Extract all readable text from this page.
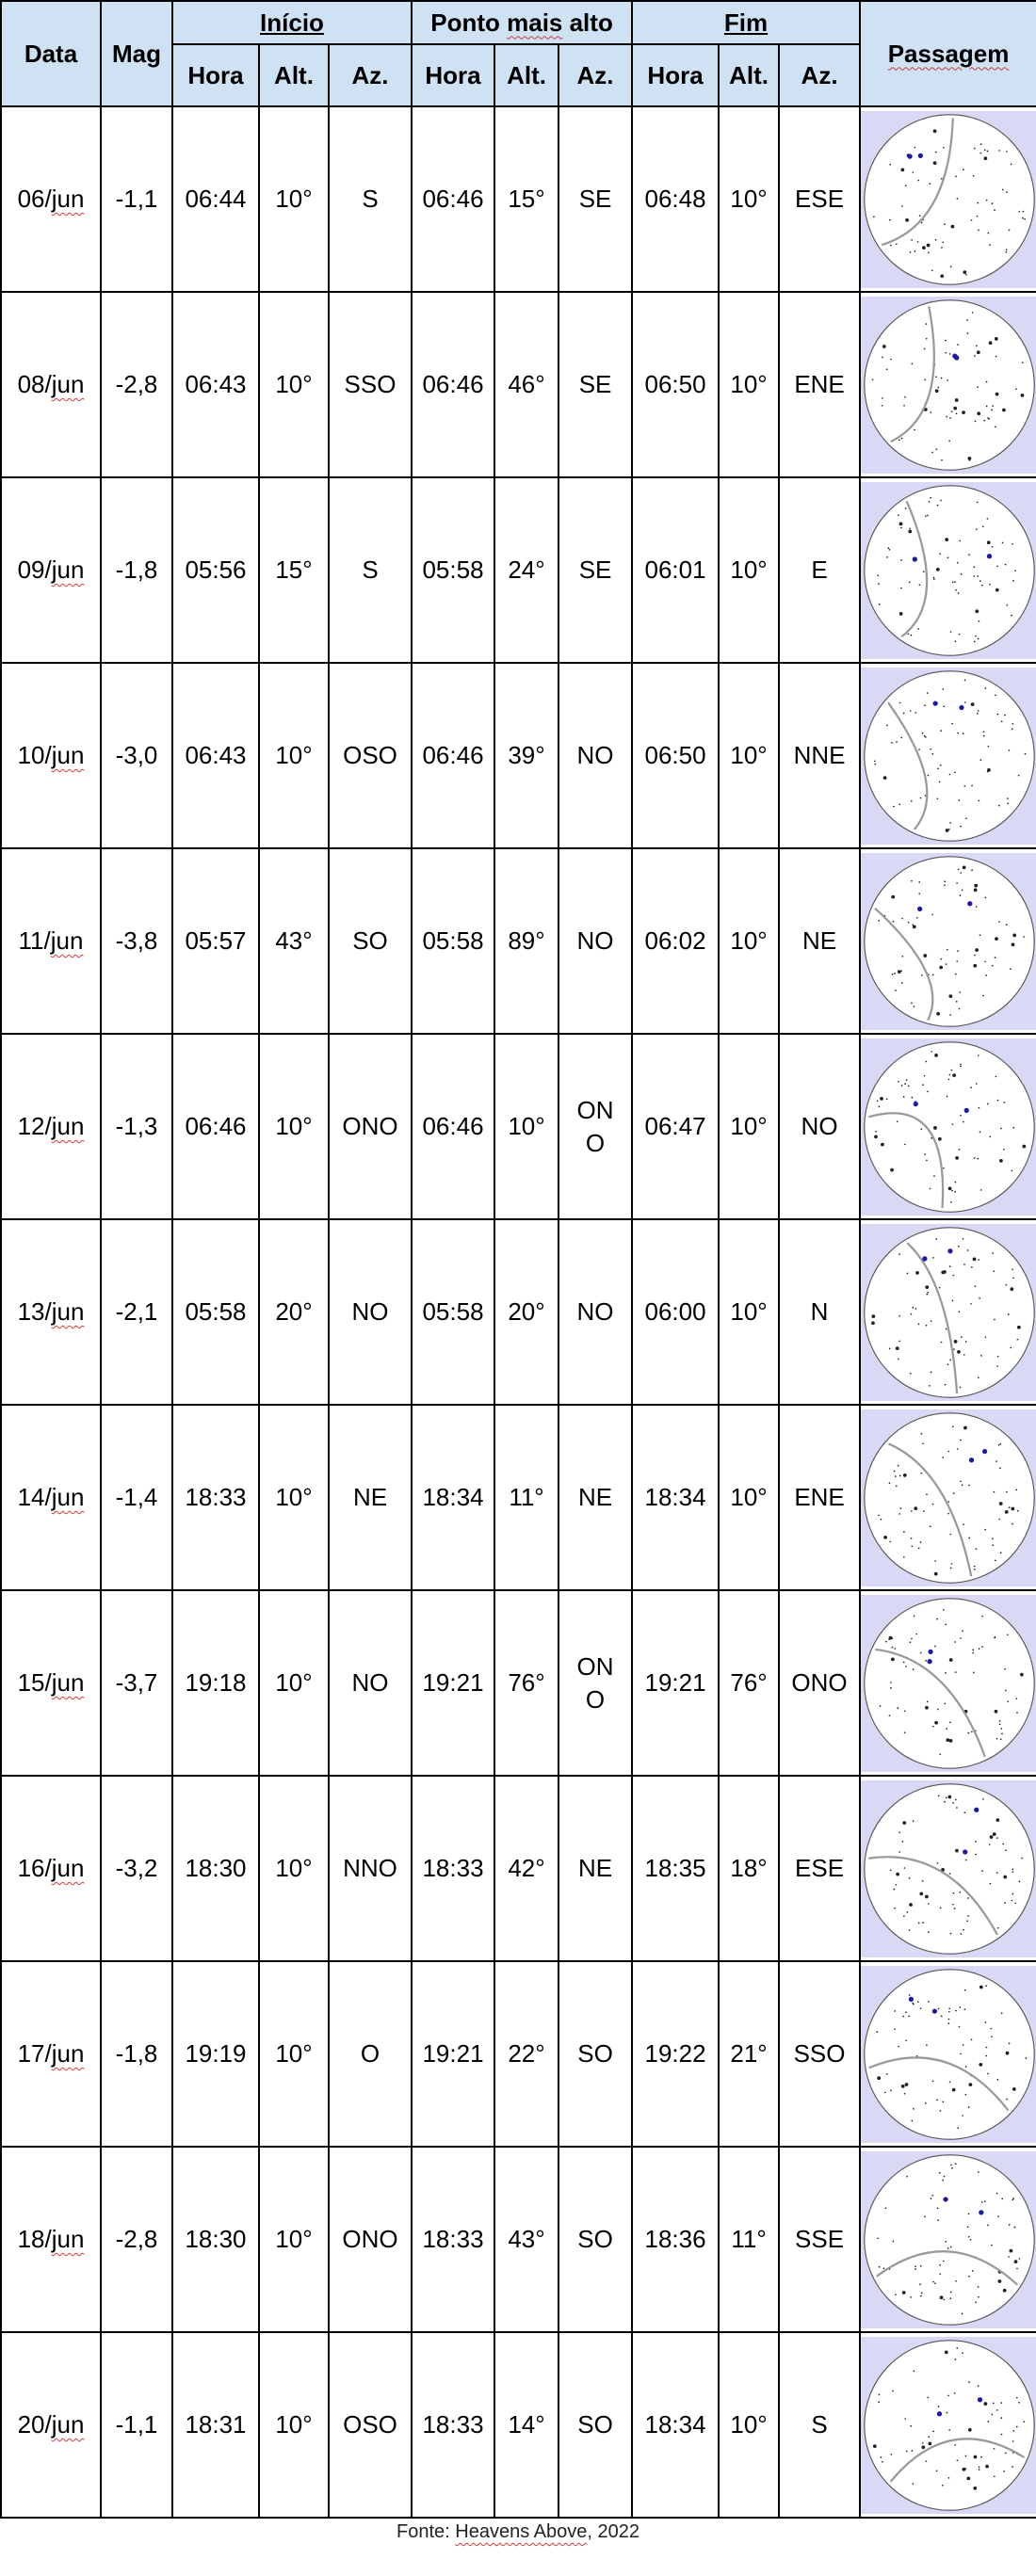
Data	Mag	Início			Ponto mais alto			Fim			Passagem
		Hora	Alt.	Az.	Hora	Alt.	Az.	Hora	Alt.	Az.	
06/jun	-1,1	06:44	10°	S	06:46	15°	SE	06:48	10°	ESE	

08/jun	-2,8	06:43	10°	SSO	06:46	46°	SE	06:50	10°	ENE	

09/jun	-1,8	05:56	15°	S	05:58	24°	SE	06:01	10°	E	

10/jun	-3,0	06:43	10°	OSO	06:46	39°	NO	06:50	10°	NNE	

11/jun	-3,8	05:57	43°	SO	05:58	89°	NO	06:02	10°	NE	

12/jun	-1,3	06:46	10°	ONO	06:46	10°	ONO	06:47	10°	NO	

13/jun	-2,1	05:58	20°	NO	05:58	20°	NO	06:00	10°	N	

14/jun	-1,4	18:33	10°	NE	18:34	11°	NE	18:34	10°	ENE	

15/jun	-3,7	19:18	10°	NO	19:21	76°	ONO	19:21	76°	ONO	

16/jun	-3,2	18:30	10°	NNO	18:33	42°	NE	18:35	18°	ESE	

17/jun	-1,8	19:19	10°	O	19:21	22°	SO	19:22	21°	SSO	

18/jun	-2,8	18:30	10°	ONO	18:33	43°	SO	18:36	11°	SSE	

20/jun	-1,1	18:31	10°	OSO	18:33	14°	SO	18:34	10°	S	
Fonte: Heavens Above, 2022
